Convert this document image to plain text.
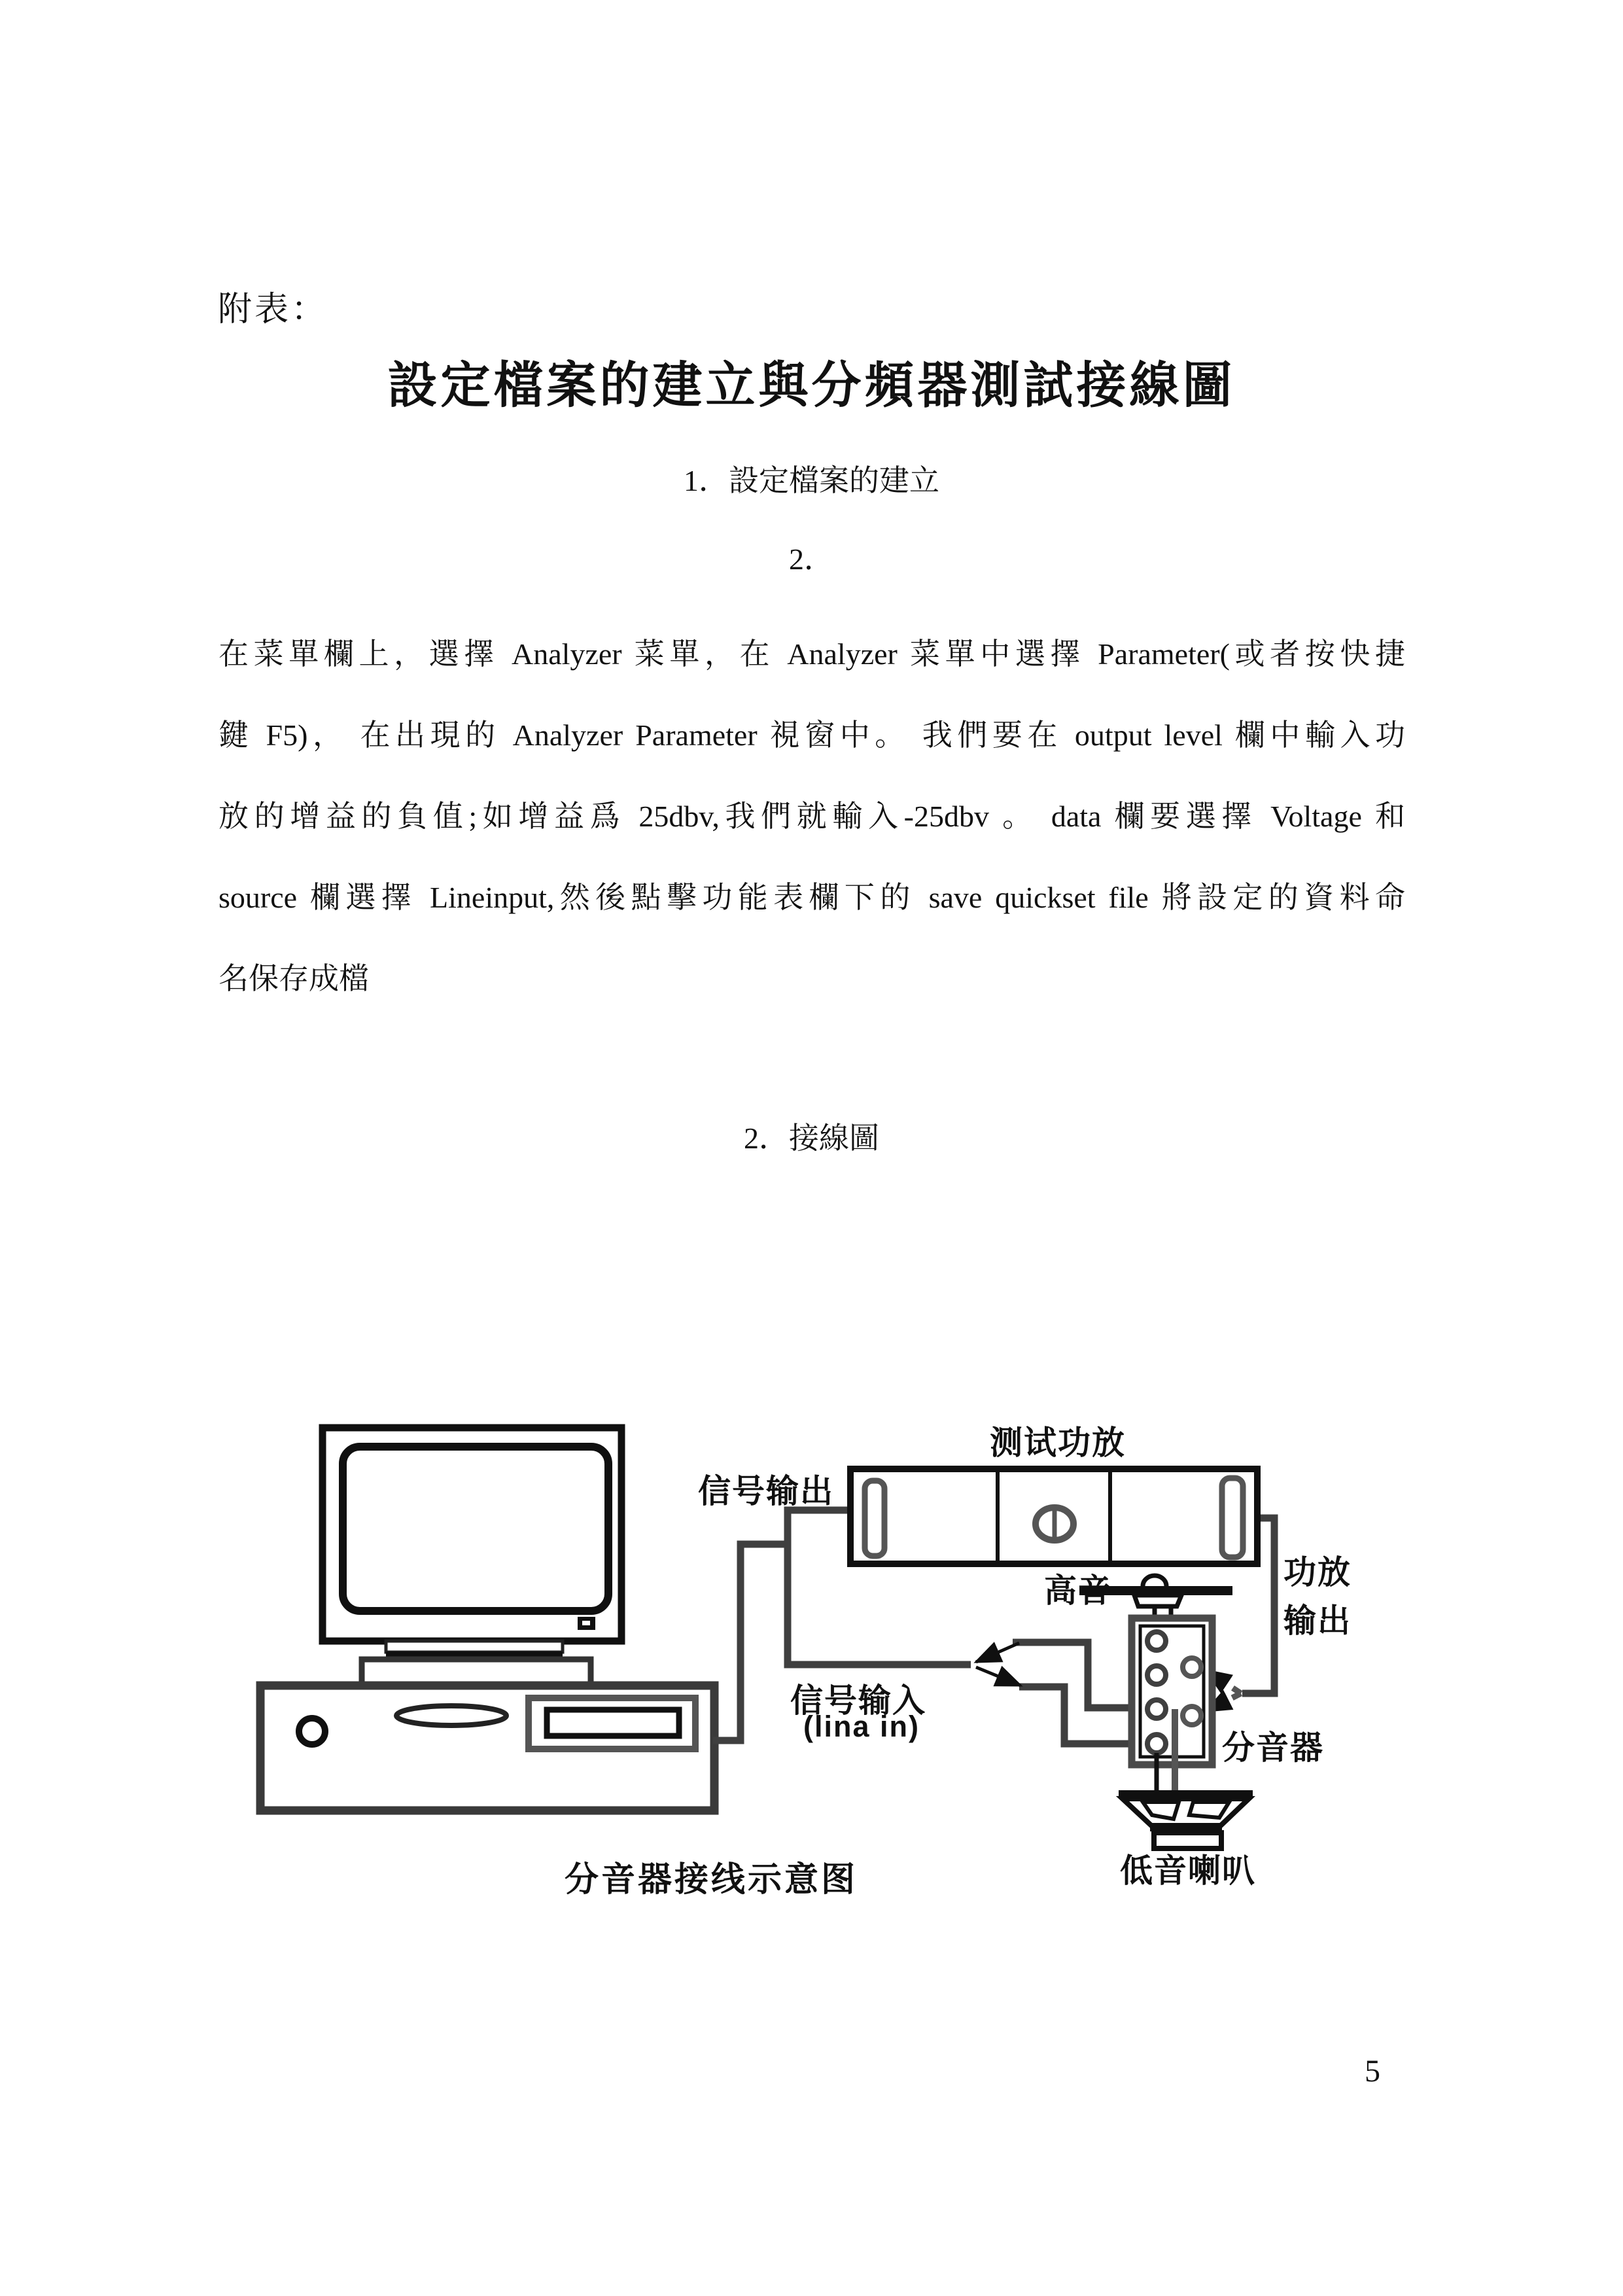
附表：
設定檔案的建立與分頻器測試接線圖
1．設定檔案的建立
2．
在菜單欄上，選擇 Analyzer 菜單，在 Analyzer 菜單中選擇 Parameter(或者按快捷
鍵 F5)， 在出現的 Analyzer Parameter 視窗中。 我們要在 output level 欄中輸入功
放的增益的負值;如增益爲 25dbv,我們就輸入-25dbv 。 data 欄要選擇 Voltage 和
source 欄選擇 Lineinput,然後點擊功能表欄下的 save quickset file 將設定的資料命
名保存成檔
2．接線圖
测试功放
信号输出
功放
输出
高音
信号输入
(lina in)
分音器
低音喇叭
分音器接线示意图
5
